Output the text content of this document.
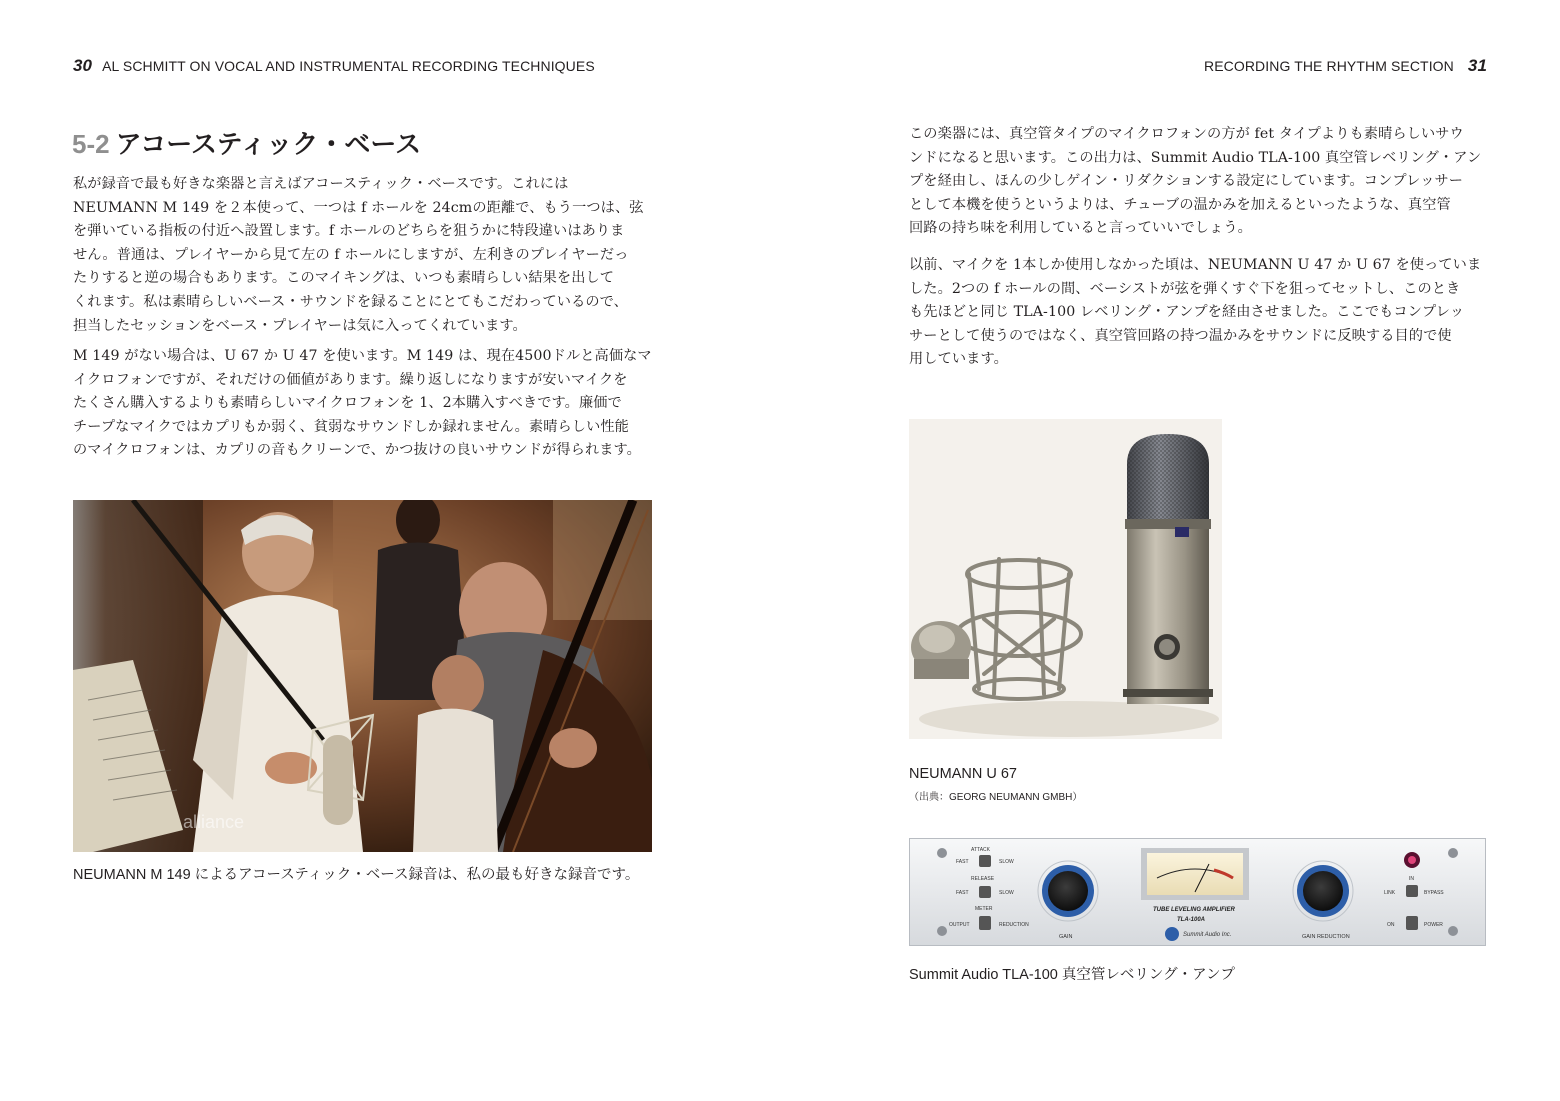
30 AL SCHMITT ON VOCAL AND INSTRUMENTAL RECORDING TECHNIQUES
5-2 アコースティック・ベース

私が録音で最も好きな楽器と言えばアコースティック・ベースです。これには
NEUMANN M 149 を２本使って、一つは f ホールを 24cmの距離で、もう一つは、弦
を弾いている指板の付近へ設置します。f ホールのどちらを狙うかに特段違いはありま
せん。普通は、プレイヤーから見て左の f ホールにしますが、左利きのプレイヤーだっ
たりすると逆の場合もあります。このマイキングは、いつも素晴らしい結果を出して
くれます。私は素晴らしいベース・サウンドを録ることにとてもこだわっているので、
担当したセッションをベース・プレイヤーは気に入ってくれています。

M 149 がない場合は、U 67 か U 47 を使います。M 149 は、現在4500ドルと高価なマ
イクロフォンですが、それだけの価値があります。繰り返しになりますが安いマイクを
たくさん購入するよりも素晴らしいマイクロフォンを 1、2本購入すべきです。廉価で
チープなマイクではカプリもか弱く、貧弱なサウンドしか録れません。素晴らしい性能
のマイクロフォンは、カプリの音もクリーンで、かつ抜けの良いサウンドが得られます。

alliance

NEUMANN M 149 によるアコースティック・ベース録音は、私の最も好きな録音です。

RECORDING THE RHYTHM SECTION 31

この楽器には、真空管タイプのマイクロフォンの方が fet タイプよりも素晴らしいサウ
ンドになると思います。この出力は、Summit Audio TLA-100 真空管レベリング・アン
プを経由し、ほんの少しゲイン・リダクションする設定にしています。コンプレッサー
として本機を使うというよりは、チューブの温かみを加えるといったような、真空管
回路の持ち味を利用していると言っていいでしょう。

以前、マイクを 1本しか使用しなかった頃は、NEUMANN U 47 か U 67 を使っていま
した。2つの f ホールの間、ベーシストが弦を弾くすぐ下を狙ってセットし、このとき
も先ほどと同じ TLA-100 レベリング・アンプを経由させました。ここでもコンプレッ
サーとして使うのではなく、真空管回路の持つ温かみをサウンドに反映する目的で使
用しています。

NEUMANN U 67

（出典：GEORG NEUMANN GMBH）

ATTACK
FAST	SLOW
RELEASE
FAST	SLOW
METER
OUTPUT	REDUCTION
GAIN
TUBE LEVELING AMPLIFIER
TLA-100A
Summit Audio Inc.	GAIN REDUCTION
IN
LINK	BYPASS
ON	POWER

Summit Audio TLA-100 真空管レベリング・アンプ
